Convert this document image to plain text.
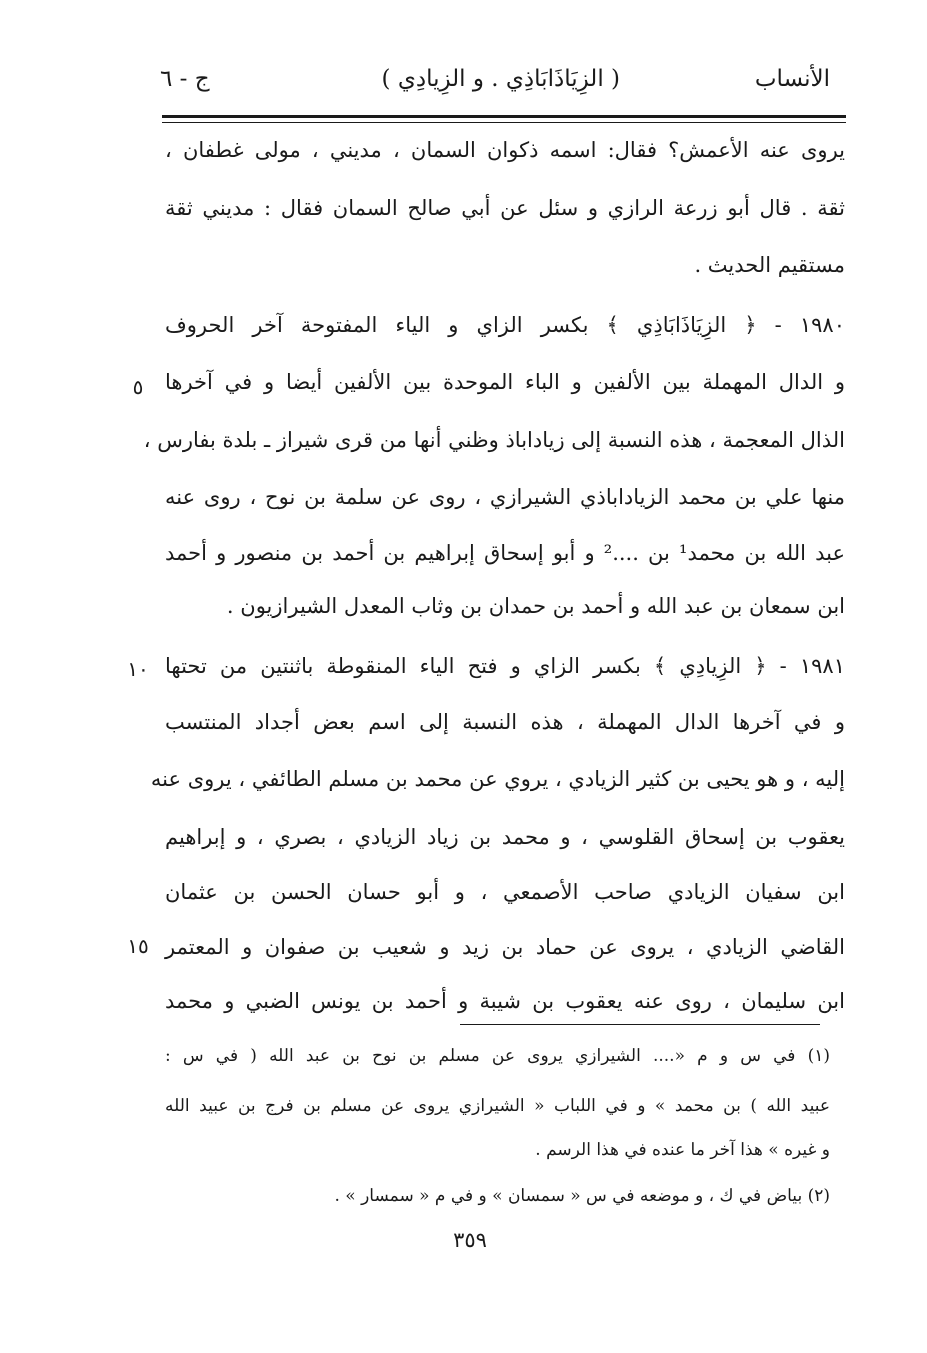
الأنساب
( الزِيَاذَابَاذِي . و الزِيادِي )
ج - ٦
يروى عنه الأعمش؟ فقال: اسمه ذكوان السمان ، مديني ، مولى غطفان ،
ثقة . قال أبو زرعة الرازي و سئل عن أبي صالح السمان فقال : مديني ثقة
مستقيم الحديث .
١٩٨٠ - ﴿ الزِيَاذَابَاذِي ﴾ بكسر الزاي و الياء المفتوحة آخر الحروف
و الدال المهملة بين الألفين و الباء الموحدة بين الألفين أيضا و في آخرها
الذال المعجمة ، هذه النسبة إلى زياداباذ وظني أنها من قرى شيراز ـ بلدة بفارس ،
منها علي بن محمد الزياداباذي الشيرازي ، روى عن سلمة بن نوح ، روى عنه
عبد الله بن محمد¹ بن ....² و أبو إسحاق إبراهيم بن أحمد بن منصور و أحمد
ابن سمعان بن عبد الله و أحمد بن حمدان بن وثاب المعدل الشيرازيون .
١٩٨١ - ﴿ الزِيادِي ﴾ بكسر الزاي و فتح الياء المنقوطة باثنتين من تحتها
و في آخرها الدال المهملة ، هذه النسبة إلى اسم بعض أجداد المنتسب
إليه ، و هو يحيى بن كثير الزيادي ، يروي عن محمد بن مسلم الطائفي ، يروى عنه
يعقوب بن إسحاق القلوسي ، و محمد بن زياد الزيادي ، بصري ، و إبراهيم
ابن سفيان الزيادي صاحب الأصمعي ، و أبو حسان الحسن بن عثمان
القاضي الزيادي ، يروى عن حماد بن زيد و شعيب بن صفوان و المعتمر
ابن سليمان ، روى عنه يعقوب بن شيبة و أحمد بن يونس الضبي و محمد
٥
١٠
١٥
(١) في س و م «.... الشيرازي يروى عن مسلم بن نوح بن عبد الله ( في س :
عبيد الله ) بن محمد » و في اللباب « الشيرازي يروى عن مسلم بن فرج بن عبيد الله
و غيره » هذا آخر ما عنده في هذا الرسم .
(٢) بياض في ك ، و موضعه في س « سمسان » و في م « سمسار » .
٣٥٩
